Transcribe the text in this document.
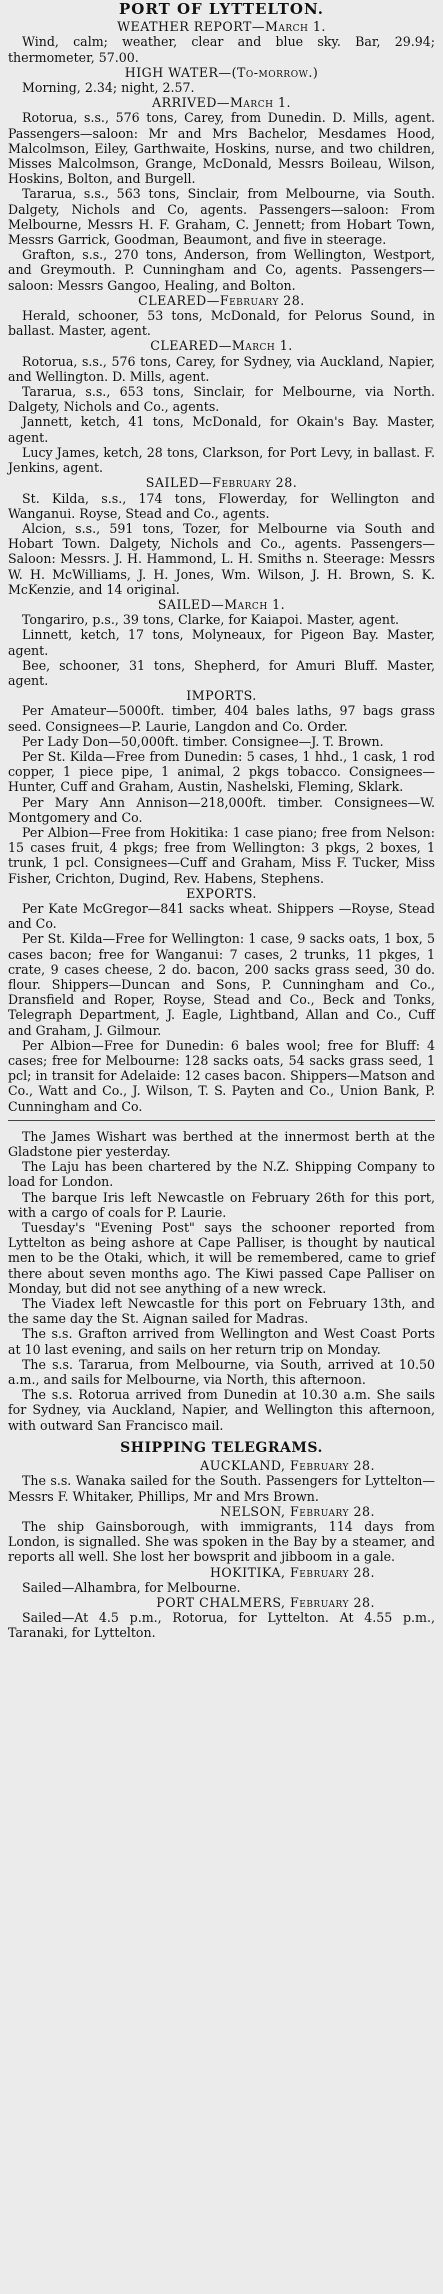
PORT OF LYTTELTON.
WEATHER REPORT—March 1.

Wind, calm; weather, clear and blue sky. Bar, 29.94; thermometer, 57.00.

HIGH WATER—(To-morrow.)

Morning, 2.34; night, 2.57.

ARRIVED—March 1.

Rotorua, s.s., 576 tons, Carey, from Dunedin. D. Mills, agent. Passengers—saloon: Mr and Mrs Bachelor, Mesdames Hood, Malcolmson, Eiley, Garthwaite, Hoskins, nurse, and two children, Misses Malcolmson, Grange, McDonald, Messrs Boileau, Wilson, Hoskins, Bolton, and Burgell.

Tararua, s.s., 563 tons, Sinclair, from Melbourne, via South. Dalgety, Nichols and Co, agents. Passengers—saloon: From Melbourne, Messrs H. F. Graham, C. Jennett; from Hobart Town, Messrs Garrick, Goodman, Beaumont, and five in steerage.

Grafton, s.s., 270 tons, Anderson, from Wellington, Westport, and Greymouth. P. Cunningham and Co, agents. Passengers—saloon: Messrs Gangoo, Healing, and Bolton.

CLEARED—February 28.

Herald, schooner, 53 tons, McDonald, for Pelorus Sound, in ballast. Master, agent.

CLEARED—March 1.

Rotorua, s.s., 576 tons, Carey, for Sydney, via Auckland, Napier, and Wellington. D. Mills, agent.

Tararua, s.s., 653 tons, Sinclair, for Melbourne, via North. Dalgety, Nichols and Co., agents.

Jannett, ketch, 41 tons, McDonald, for Okain's Bay. Master, agent.

Lucy James, ketch, 28 tons, Clarkson, for Port Levy, in ballast. F. Jenkins, agent.

SAILED—February 28.

St. Kilda, s.s., 174 tons, Flowerday, for Wellington and Wanganui. Royse, Stead and Co., agents.

Alcion, s.s., 591 tons, Tozer, for Melbourne via South and Hobart Town. Dalgety, Nichols and Co., agents. Passengers—Saloon: Messrs. J. H. Hammond, L. H. Smiths n. Steerage: Messrs W. H. McWilliams, J. H. Jones, Wm. Wilson, J. H. Brown, S. K. McKenzie, and 14 original.

SAILED—March 1.

Tongariro, p.s., 39 tons, Clarke, for Kaiapoi. Master, agent.

Linnett, ketch, 17 tons, Molyneaux, for Pigeon Bay. Master, agent.

Bee, schooner, 31 tons, Shepherd, for Amuri Bluff. Master, agent.

IMPORTS.

Per Amateur—5000ft. timber, 404 bales laths, 97 bags grass seed. Consignees—P. Laurie, Langdon and Co. Order.

Per Lady Don—50,000ft. timber. Consignee—J. T. Brown.

Per St. Kilda—Free from Dunedin: 5 cases, 1 hhd., 1 cask, 1 rod copper, 1 piece pipe, 1 animal, 2 pkgs tobacco. Consignees—Hunter, Cuff and Graham, Austin, Nashelski, Fleming, Sklark.

Per Mary Ann Annison—218,000ft. timber. Consignees—W. Montgomery and Co.

Per Albion—Free from Hokitika: 1 case piano; free from Nelson: 15 cases fruit, 4 pkgs; free from Wellington: 3 pkgs, 2 boxes, 1 trunk, 1 pcl. Consignees—Cuff and Graham, Miss F. Tucker, Miss Fisher, Crichton, Dugind, Rev. Habens, Stephens.

EXPORTS.

Per Kate McGregor—841 sacks wheat. Shippers —Royse, Stead and Co.

Per St. Kilda—Free for Wellington: 1 case, 9 sacks oats, 1 box, 5 cases bacon; free for Wanganui: 7 cases, 2 trunks, 11 pkges, 1 crate, 9 cases cheese, 2 do. bacon, 200 sacks grass seed, 30 do. flour. Shippers—Duncan and Sons, P. Cunningham and Co., Dransfield and Roper, Royse, Stead and Co., Beck and Tonks, Telegraph Department, J. Eagle, Lightband, Allan and Co., Cuff and Graham, J. Gilmour.

Per Albion—Free for Dunedin: 6 bales wool; free for Bluff: 4 cases; free for Melbourne: 128 sacks oats, 54 sacks grass seed, 1 pcl; in transit for Adelaide: 12 cases bacon. Shippers—Matson and Co., Watt and Co., J. Wilson, T. S. Payten and Co., Union Bank, P. Cunningham and Co.

The James Wishart was berthed at the innermost berth at the Gladstone pier yesterday.

The Laju has been chartered by the N.Z. Shipping Company to load for London.

The barque Iris left Newcastle on February 26th for this port, with a cargo of coals for P. Laurie.

Tuesday's "Evening Post" says the schooner reported from Lyttelton as being ashore at Cape Palliser, is thought by nautical men to be the Otaki, which, it will be remembered, came to grief there about seven months ago. The Kiwi passed Cape Palliser on Monday, but did not see anything of a new wreck.

The Viadex left Newcastle for this port on February 13th, and the same day the St. Aignan sailed for Madras.

The s.s. Grafton arrived from Wellington and West Coast Ports at 10 last evening, and sails on her return trip on Monday.

The s.s. Tararua, from Melbourne, via South, arrived at 10.50 a.m., and sails for Melbourne, via North, this afternoon.

The s.s. Rotorua arrived from Dunedin at 10.30 a.m. She sails for Sydney, via Auckland, Napier, and Wellington this afternoon, with outward San Francisco mail.

SHIPPING TELEGRAMS.
AUCKLAND, February 28.

The s.s. Wanaka sailed for the South. Passengers for Lyttelton—Messrs F. Whitaker, Phillips, Mr and Mrs Brown.

NELSON, February 28.

The ship Gainsborough, with immigrants, 114 days from London, is signalled. She was spoken in the Bay by a steamer, and reports all well. She lost her bowsprit and jibboom in a gale.

HOKITIKA, February 28.

Sailed—Alhambra, for Melbourne.

PORT CHALMERS, February 28.

Sailed—At 4.5 p.m., Rotorua, for Lyttelton. At 4.55 p.m., Taranaki, for Lyttelton.
